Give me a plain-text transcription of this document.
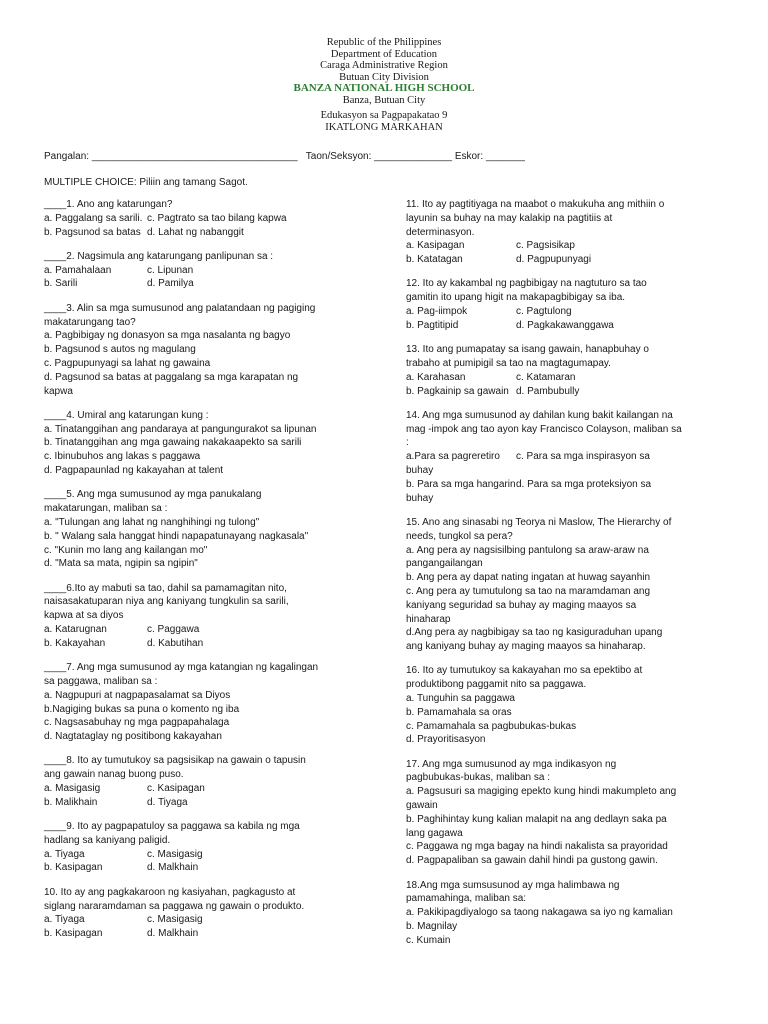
Republic of the Philippines
Department of Education
Caraga Administrative Region
Butuan City Division
BANZA NATIONAL HIGH SCHOOL
Banza, Butuan City
Edukasyon sa Pagpapakatao 9
IKATLONG MARKAHAN
Pangalan: _____________________________________ Taon/Seksyon: ______________ Eskor: _______
MULTIPLE CHOICE: Piliin ang tamang Sagot.
____1. Ano ang katarungan?
a. Paggalang sa sarili. c. Pagtrato sa tao bilang kapwa
b. Pagsunod sa batas d. Lahat ng nabanggit
____2. Nagsimula ang katarungang panlipunan sa :
a. Pamahalaan	c. Lipunan
b. Sarili	d. Pamilya
____3. Alin sa mga sumusunod ang palatandaan ng pagiging
makatarungang tao?
a. Pagbibigay ng donasyon sa mga nasalanta ng bagyo
b. Pagsunod s autos ng magulang
c. Pagpupunyagi sa lahat ng gawaina
d. Pagsunod sa batas at paggalang sa mga karapatan ng
kapwa
____4. Umiral ang katarungan kung :
a. Tinatanggihan ang pandaraya at pangungurakot sa lipunan
b. Tinatanggihan ang mga gawaing nakakaapekto sa sarili
c. Ibinubuhos ang lakas s paggawa
d. Pagpapaunlad ng kakayahan at talent
____5. Ang mga sumusunod ay mga panukalang
makatarungan, maliban sa :
a. "Tulungan ang lahat ng nanghihingi ng tulong"
b. " Walang sala hanggat hindi napapatunayang nagkasala"
c. "Kunin mo lang ang kailangan mo"
d. "Mata sa mata, ngipin sa ngipin"
____6.Ito ay mabuti sa tao, dahil sa pamamagitan nito,
naisasakatuparan niya ang kaniyang tungkulin sa sarili,
kapwa at sa diyos
a. Katarugnan	c. Paggawa
b. Kakayahan	d. Kabutihan
____7. Ang mga sumusunod ay mga katangian ng kagalingan
sa paggawa, maliban sa :
a. Nagpupuri at nagpapasalamat sa Diyos
b.Nagiging bukas sa puna o komento ng iba
c. Nagsasabuhay ng mga pagpapahalaga
d. Nagtataglay ng positibong kakayahan
____8. Ito ay tumutukoy sa pagsisikap na gawain o tapusin
ang gawain nanag buong puso.
a. Masigasig	c. Kasipagan
b. Malikhain	d. Tiyaga
____9. Ito ay pagpapatuloy sa paggawa sa kabila ng mga
hadlang sa kaniyang paligid.
a. Tiyaga	c. Masigasig
b. Kasipagan	d. Malkhain
10. Ito ay ang pagkakaroon ng kasiyahan, pagkagusto at
siglang nararamdaman sa paggawa ng gawain o produkto.
a. Tiyaga	c. Masigasig
b. Kasipagan	d. Malkhain
11. Ito ay pagtitiyaga na maabot o makukuha ang mithiin o
layunin sa buhay na may kalakip na pagtitiis at
determinasyon.
a. Kasipagan	c. Pagsisikap
b. Katatagan	d. Pagpupunyagi
12. Ito ay kakambal ng pagbibigay na nagtuturo sa tao
gamitin ito upang higit na makapagbibigay sa iba.
a. Pag-iimpok	c. Pagtulong
b. Pagtitipid	d. Pagkakawanggawa
13. Ito ang pumapatay sa isang gawain, hanapbuhay o
trabaho at pumipigil sa tao na magtagumapay.
a. Karahasan	c. Katamaran
b. Pagkainip sa gawain d. Pambubully
14. Ang mga sumusunod ay dahilan kung bakit kailangan na
mag -impok ang tao ayon kay Francisco Colayson, maliban sa
:
a.Para sa pagreretiro c. Para sa mga inspirasyon sa
buhay
b. Para sa mga hangarind. Para sa mga proteksiyon sa
buhay
15. Ano ang sinasabi ng Teorya ni Maslow, The Hierarchy of
needs, tungkol sa pera?
a. Ang pera ay nagsisilbing pantulong sa araw-araw na
pangangailangan
b. Ang pera ay dapat nating ingatan at huwag sayanhin
c. Ang pera ay tumutulong sa tao na maramdaman ang
kaniyang seguridad sa buhay ay maging maayos sa
hinaharap
d.Ang pera ay nagbibigay sa tao ng kasiguraduhan upang
ang kaniyang buhay ay maging maayos sa hinaharap.
16. Ito ay tumutukoy sa kakayahan mo sa epektibo at
produktibong paggamit nito sa paggawa.
a. Tunguhin sa paggawa
b. Pamamahala sa oras
c. Pamamahala sa pagbubukas-bukas
d. Prayoritisasyon
17. Ang mga sumusunod ay mga indikasyon ng
pagbubukas-bukas, maliban sa :
a. Pagsusuri sa magiging epekto kung hindi makumpleto ang
gawain
b. Paghihintay kung kalian malapit na ang dedlayn saka pa
lang gagawa
c. Paggawa ng mga bagay na hindi nakalista sa prayoridad
d. Pagpapaliban sa gawain dahil hindi pa gustong gawin.
18.Ang mga sumsusunod ay mga halimbawa ng
pamamahinga, maliban sa:
a. Pakikipagdiyalogo sa taong nakagawa sa iyo ng kamalian
b. Magnilay
c. Kumain
